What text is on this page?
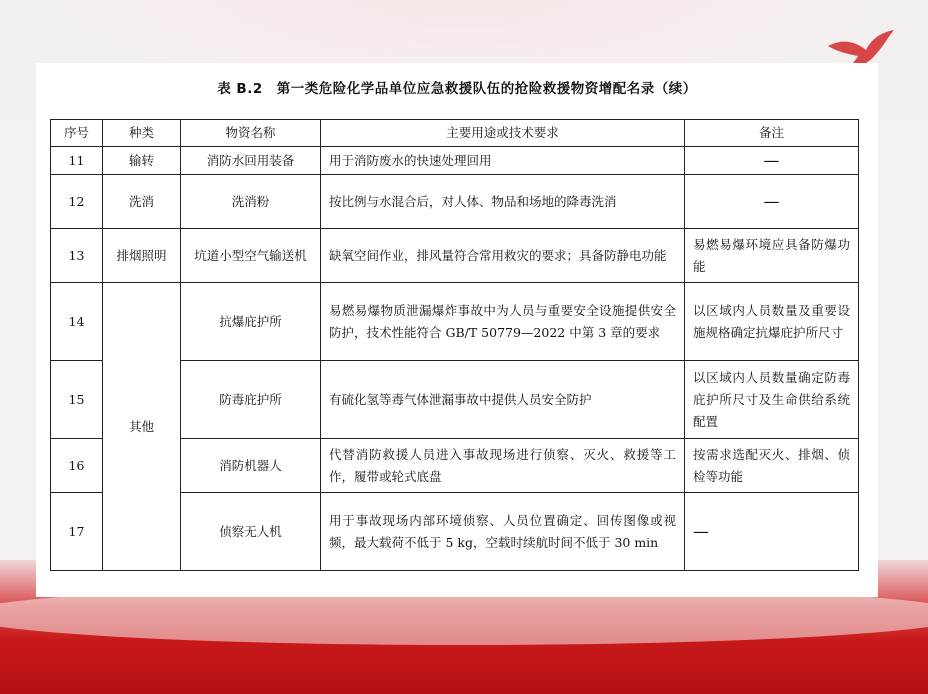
表 B.2　第一类危险化学品单位应急救援队伍的抢险救援物资增配名录（续）
序号	种类	物资名称	主要用途或技术要求	备注
11	输转	消防水回用装备	用于消防废水的快速处理回用	—
12	洗消	洗消粉	按比例与水混合后，对人体、物品和场地的降毒洗消	—
13	排烟照明	坑道小型空气输送机	缺氧空间作业，排风量符合常用救灾的要求；具备防静电功能	易燃易爆环境应具备防爆功能
14	其他	抗爆庇护所	易燃易爆物质泄漏爆炸事故中为人员与重要安全设施提供安全防护，技术性能符合 GB/T 50779—2022 中第 3 章的要求	以区域内人员数量及重要设施规格确定抗爆庇护所尺寸
15		防毒庇护所	有硫化氢等毒气体泄漏事故中提供人员安全防护	以区域内人员数量确定防毒庇护所尺寸及生命供给系统配置
16		消防机器人	代替消防救援人员进入事故现场进行侦察、灭火、救援等工作，履带或轮式底盘	按需求选配灭火、排烟、侦检等功能
17		侦察无人机	用于事故现场内部环境侦察、人员位置确定、回传图像或视频，最大载荷不低于 5 kg，空载时续航时间不低于 30 min	—
